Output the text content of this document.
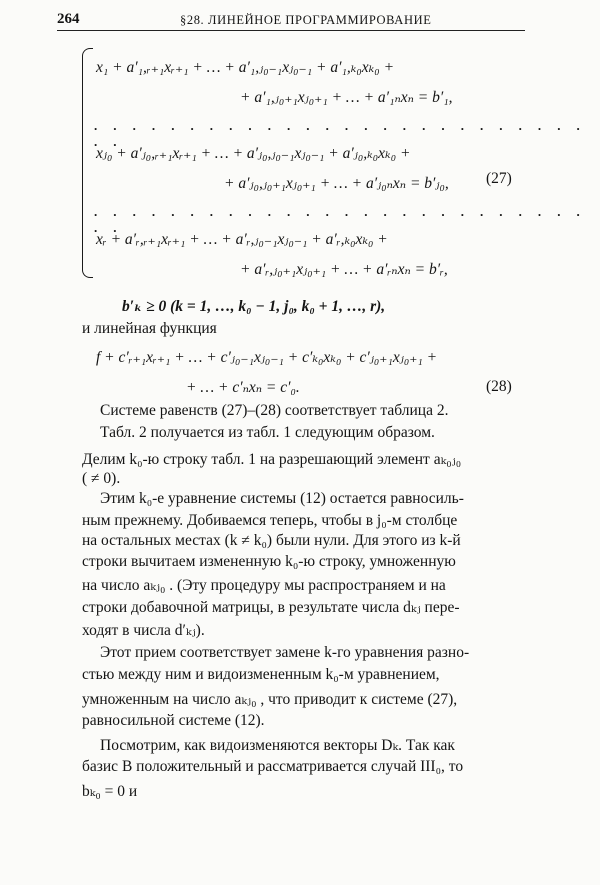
264	§28. ЛИНЕЙНОЕ ПРОГРАММИРОВАНИЕ
x₁ + a′₁,ᵣ₊₁xᵣ₊₁ + … + a′₁,ⱼ₀₋₁xⱼ₀₋₁ + a′₁,ₖ₀xₖ₀ +
+ a′₁,ⱼ₀₊₁xⱼ₀₊₁ + … + a′₁ₙxₙ = b′₁,
. . . . . . . . . . . . . . . . . . . . . . . . . . . .
xⱼ₀ + a′ⱼ₀,ᵣ₊₁xᵣ₊₁ + … + a′ⱼ₀,ⱼ₀₋₁xⱼ₀₋₁ + a′ⱼ₀,ₖ₀xₖ₀ +
+ a′ⱼ₀,ⱼ₀₊₁xⱼ₀₊₁ + … + a′ⱼ₀ₙxₙ = b′ⱼ₀, (27)
. . . . . . . . . . . . . . . . . . . . . . . . . . . .
xᵣ + a′ᵣ,ᵣ₊₁xᵣ₊₁ + … + a′ᵣ,ⱼ₀₋₁xⱼ₀₋₁ + a′ᵣ,ₖ₀xₖ₀ +
+ a′ᵣ,ⱼ₀₊₁xⱼ₀₊₁ + … + a′ᵣₙxₙ = b′ᵣ,
b′ₖ ≥ 0 (k = 1, …, k₀ − 1, j₀, k₀ + 1, …, r),
и линейная функция
f + c′ᵣ₊₁xᵣ₊₁ + … + c′ⱼ₀₋₁xⱼ₀₋₁ + c′ₖ₀xₖ₀ + c′ⱼ₀₊₁xⱼ₀₊₁ +
+ … + c′ₙxₙ = c′₀.	(28)
Системе равенств (27)–(28) соответствует таблица 2.
Табл. 2 получается из табл. 1 следующим образом.
Делим k₀-ю строку табл. 1 на разрешающий элемент aₖ₀ⱼ₀
( ≠ 0).
Этим k₀-е уравнение системы (12) остается равносиль-
ным прежнему. Добиваемся теперь, чтобы в j₀-м столбце
на остальных местах (k ≠ k₀) были нули. Для этого из k-й
строки вычитаем измененную k₀-ю строку, умноженную
на число aₖⱼ₀ . (Эту процедуру мы распространяем и на
строки добавочной матрицы, в результате числа dₖⱼ пере-
ходят в числа d′ₖⱼ).
Этот прием соответствует замене k-го уравнения разно-
стью между ним и видоизмененным k₀-м уравнением,
умноженным на число aₖⱼ₀ , что приводит к системе (27),
равносильной системе (12).
Посмотрим, как видоизменяются векторы Dₖ. Так как
базис B положительный и рассматривается случай III₀, то
bₖ₀ = 0 и
